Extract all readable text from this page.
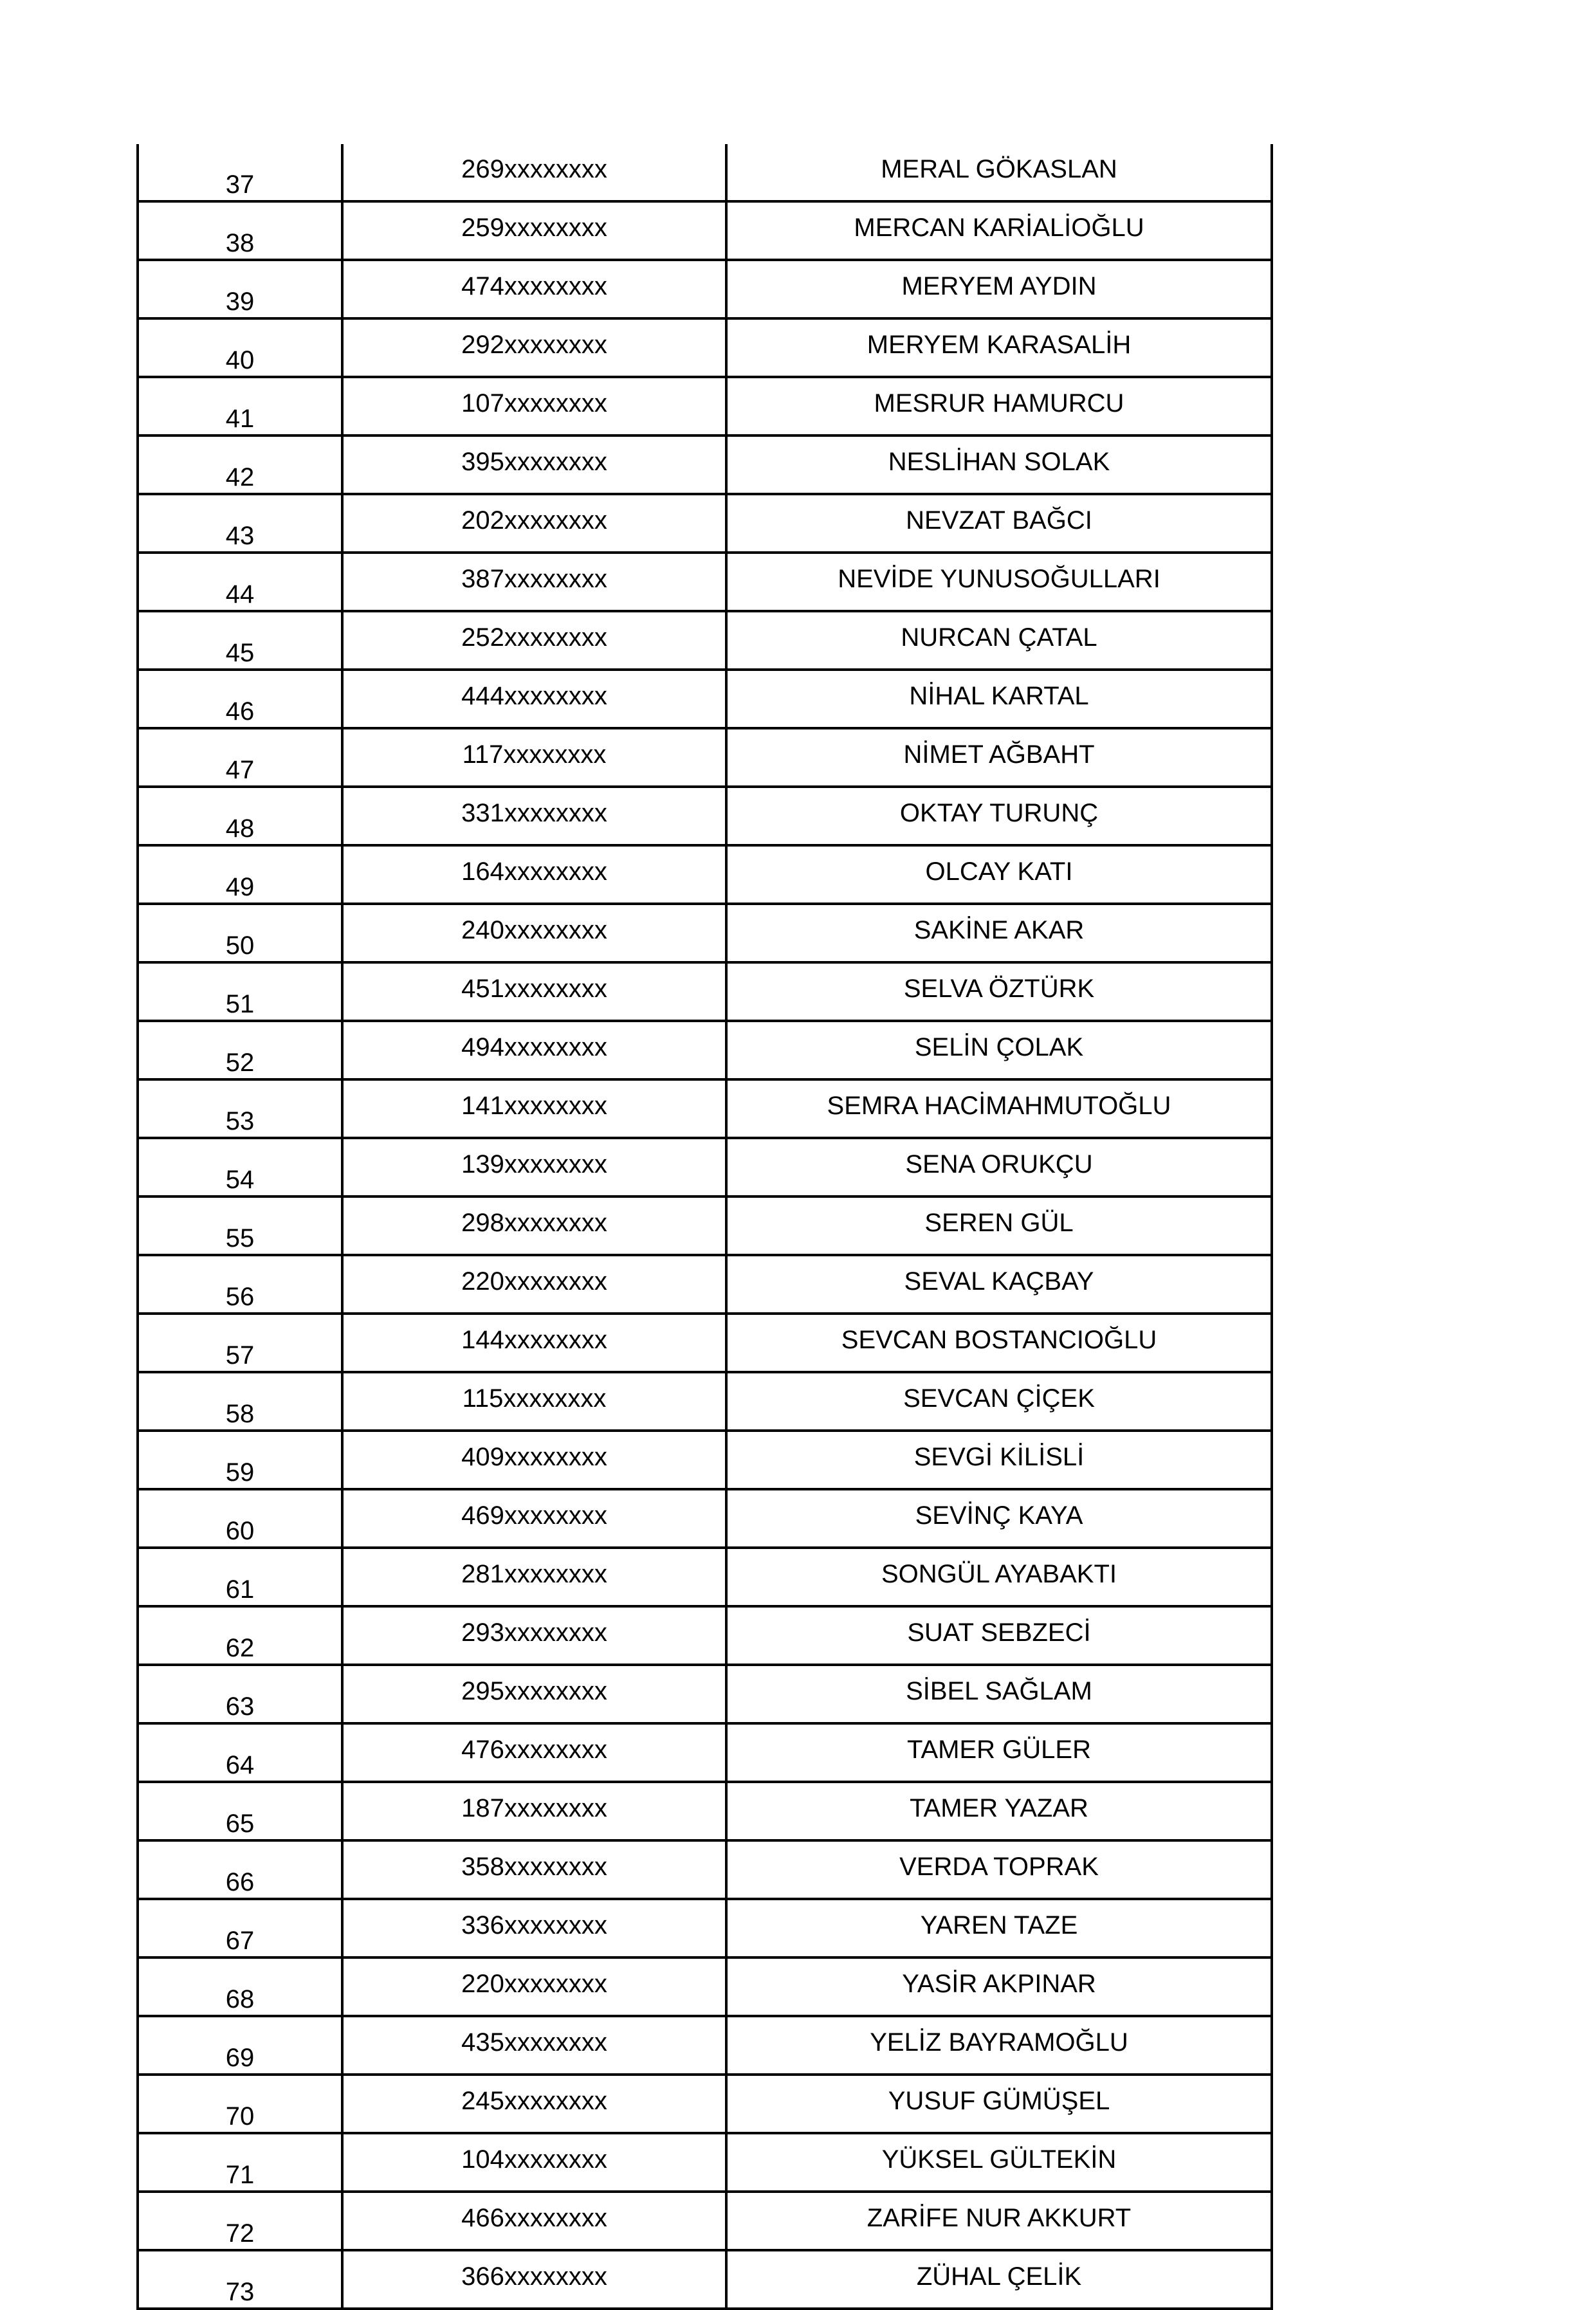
37	269xxxxxxxx	MERAL GÖKASLAN
38	259xxxxxxxx	MERCAN KARİALİOĞLU
39	474xxxxxxxx	MERYEM AYDIN
40	292xxxxxxxx	MERYEM KARASALİH
41	107xxxxxxxx	MESRUR HAMURCU
42	395xxxxxxxx	NESLİHAN SOLAK
43	202xxxxxxxx	NEVZAT BAĞCI
44	387xxxxxxxx	NEVİDE YUNUSOĞULLARI
45	252xxxxxxxx	NURCAN ÇATAL
46	444xxxxxxxx	NİHAL KARTAL
47	117xxxxxxxx	NİMET AĞBAHT
48	331xxxxxxxx	OKTAY TURUNÇ
49	164xxxxxxxx	OLCAY KATI
50	240xxxxxxxx	SAKİNE AKAR
51	451xxxxxxxx	SELVA ÖZTÜRK
52	494xxxxxxxx	SELİN ÇOLAK
53	141xxxxxxxx	SEMRA HACİMAHMUTOĞLU
54	139xxxxxxxx	SENA ORUKÇU
55	298xxxxxxxx	SEREN GÜL
56	220xxxxxxxx	SEVAL KAÇBAY
57	144xxxxxxxx	SEVCAN BOSTANCIOĞLU
58	115xxxxxxxx	SEVCAN ÇİÇEK
59	409xxxxxxxx	SEVGİ KİLİSLİ
60	469xxxxxxxx	SEVİNÇ KAYA
61	281xxxxxxxx	SONGÜL AYABAKTI
62	293xxxxxxxx	SUAT SEBZECİ
63	295xxxxxxxx	SİBEL SAĞLAM
64	476xxxxxxxx	TAMER GÜLER
65	187xxxxxxxx	TAMER YAZAR
66	358xxxxxxxx	VERDA TOPRAK
67	336xxxxxxxx	YAREN TAZE
68	220xxxxxxxx	YASİR AKPINAR
69	435xxxxxxxx	YELİZ BAYRAMOĞLU
70	245xxxxxxxx	YUSUF GÜMÜŞEL
71	104xxxxxxxx	YÜKSEL GÜLTEKİN
72	466xxxxxxxx	ZARİFE NUR AKKURT
73	366xxxxxxxx	ZÜHAL ÇELİK
